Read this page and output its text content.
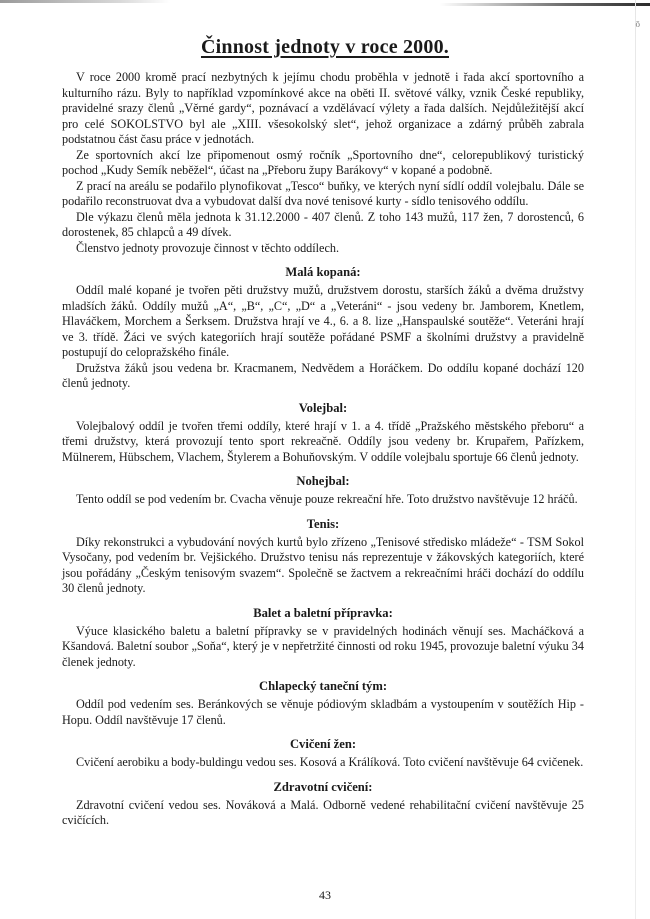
ō
Činnost jednoty v roce 2000.

V roce 2000 kromě prací nezbytných k jejímu chodu proběhla v jednotě i řada akcí sportovního a kulturního rázu. Byly to například vzpomínkové akce na oběti II. světové války, vznik České republiky, pravidelné srazy členů „Věrné gardy“, poznávací a vzdělávací výlety a řada dalších. Nejdůležitější akcí pro celé SOKOLSTVO byl ale „XIII. všesokolský slet“, jehož organizace a zdárný průběh zabrala podstatnou část času práce v jednotách.

Ze sportovních akcí lze připomenout osmý ročník „Sportovního dne“, celorepublikový turistický pochod „Kudy Semík neběžel“, účast na „Přeboru župy Barákovy“ v kopané a podobně.

Z prací na areálu se podařilo plynofikovat „Tesco“ buňky, ve kterých nyní sídlí oddíl volejbalu. Dále se podařilo reconstruovat dva a vybudovat další dva nové tenisové kurty - sídlo tenisového oddílu.

Dle výkazu členů měla jednota k 31.12.2000 - 407 členů. Z toho 143 mužů, 117 žen, 7 dorostenců, 6 dorostenek, 85 chlapců a 49 dívek.

Členstvo jednoty provozuje činnost v těchto oddílech.

Malá kopaná:

Oddíl malé kopané je tvořen pěti družstvy mužů, družstvem dorostu, starších žáků a dvěma družstvy mladších žáků. Oddíly mužů „A“, „B“, „C“, „D“ a „Veteráni“ - jsou vedeny br. Jamborem, Knetlem, Hlaváčkem, Morchem a Šerksem. Družstva hrají ve 4., 6. a 8. lize „Hanspaulské soutěže“. Veteráni hrají ve 3. třídě. Žáci ve svých kategoriích hrají soutěže pořádané PSMF a školními družstvy a pravidelně postupují do celopražského finále.

Družstva žáků jsou vedena br. Kracmanem, Nedvědem a Horáčkem. Do oddílu kopané dochází 120 členů jednoty.

Volejbal:

Volejbalový oddíl je tvořen třemi oddíly, které hrají v 1. a 4. třídě „Pražského městského přeboru“ a třemi družstvy, která provozují tento sport rekreačně. Oddíly jsou vedeny br. Krupařem, Pařízkem, Mülnerem, Hübschem, Vlachem, Štylerem a Bohuňovským. V oddíle volejbalu sportuje 66 členů jednoty.

Nohejbal:

Tento oddíl se pod vedením br. Cvacha věnuje pouze rekreační hře. Toto družstvo navštěvuje 12 hráčů.

Tenis:

Díky rekonstrukci a vybudování nových kurtů bylo zřízeno „Tenisové středisko mládeže“ - TSM Sokol Vysočany, pod vedením br. Vejšického. Družstvo tenisu nás reprezentuje v žákovských kategoriích, které jsou pořádány „Českým tenisovým svazem“. Společně se žactvem a rekreačními hráči dochází do oddílu 30 členů jednoty.

Balet a baletní přípravka:

Výuce klasického baletu a baletní přípravky se v pravidelných hodinách věnují ses. Macháčková a Kšandová. Baletní soubor „Soňa“, který je v nepřetržité činnosti od roku 1945, provozuje baletní výuku 34 členek jednoty.

Chlapecký taneční tým:

Oddíl pod vedením ses. Beránkových se věnuje pódiovým skladbám a vystoupením v soutěžích Hip - Hopu. Oddíl navštěvuje 17 členů.

Cvičení žen:

Cvičení aerobiku a body-buldingu vedou ses. Kosová a Králíková. Toto cvičení navštěvuje 64 cvičenek.

Zdravotní cvičení:

Zdravotní cvičení vedou ses. Nováková a Malá. Odborně vedené rehabilitační cvičení navštěvuje 25 cvičících.

43
